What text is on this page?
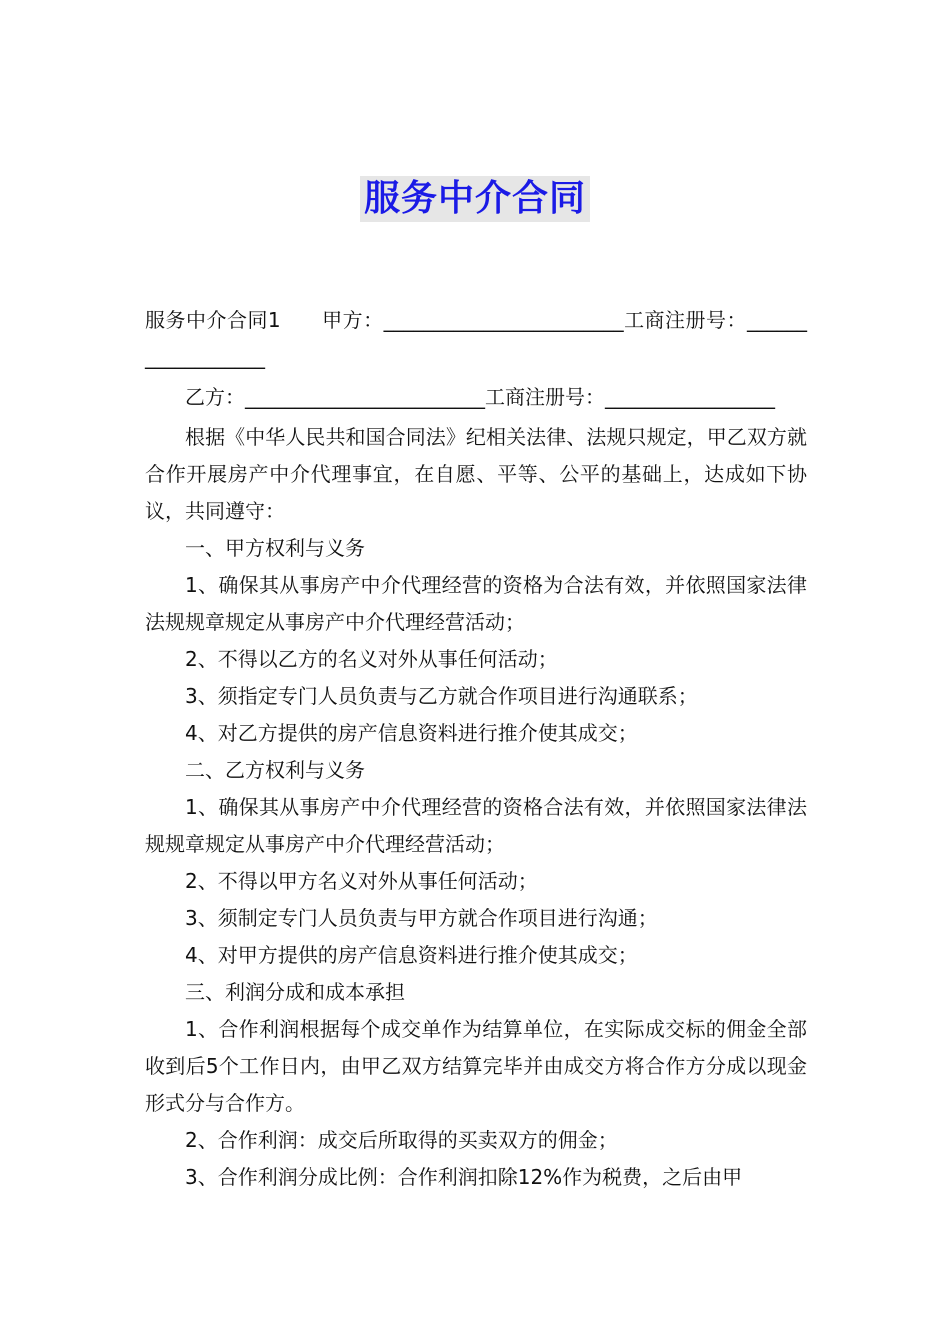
服务中介合同

服务中介合同1　　甲方：________________________工商注册号：__________________

乙方：________________________工商注册号：_________________

根据《中华人民共和国合同法》纪相关法律、法规只规定，甲乙双方就合作开展房产中介代理事宜，在自愿、平等、公平的基础上，达成如下协议，共同遵守：

一、甲方权利与义务

1、确保其从事房产中介代理经营的资格为合法有效，并依照国家法律法规规章规定从事房产中介代理经营活动；

2、不得以乙方的名义对外从事任何活动；

3、须指定专门人员负责与乙方就合作项目进行沟通联系；

4、对乙方提供的房产信息资料进行推介使其成交；

二、乙方权利与义务

1、确保其从事房产中介代理经营的资格合法有效，并依照国家法律法规规章规定从事房产中介代理经营活动；

2、不得以甲方名义对外从事任何活动；

3、须制定专门人员负责与甲方就合作项目进行沟通；

4、对甲方提供的房产信息资料进行推介使其成交；

三、利润分成和成本承担

1、合作利润根据每个成交单作为结算单位，在实际成交标的佣金全部收到后5个工作日内，由甲乙双方结算完毕并由成交方将合作方分成以现金形式分与合作方。

2、合作利润：成交后所取得的买卖双方的佣金；

3、合作利润分成比例：合作利润扣除12%作为税费，之后由甲
